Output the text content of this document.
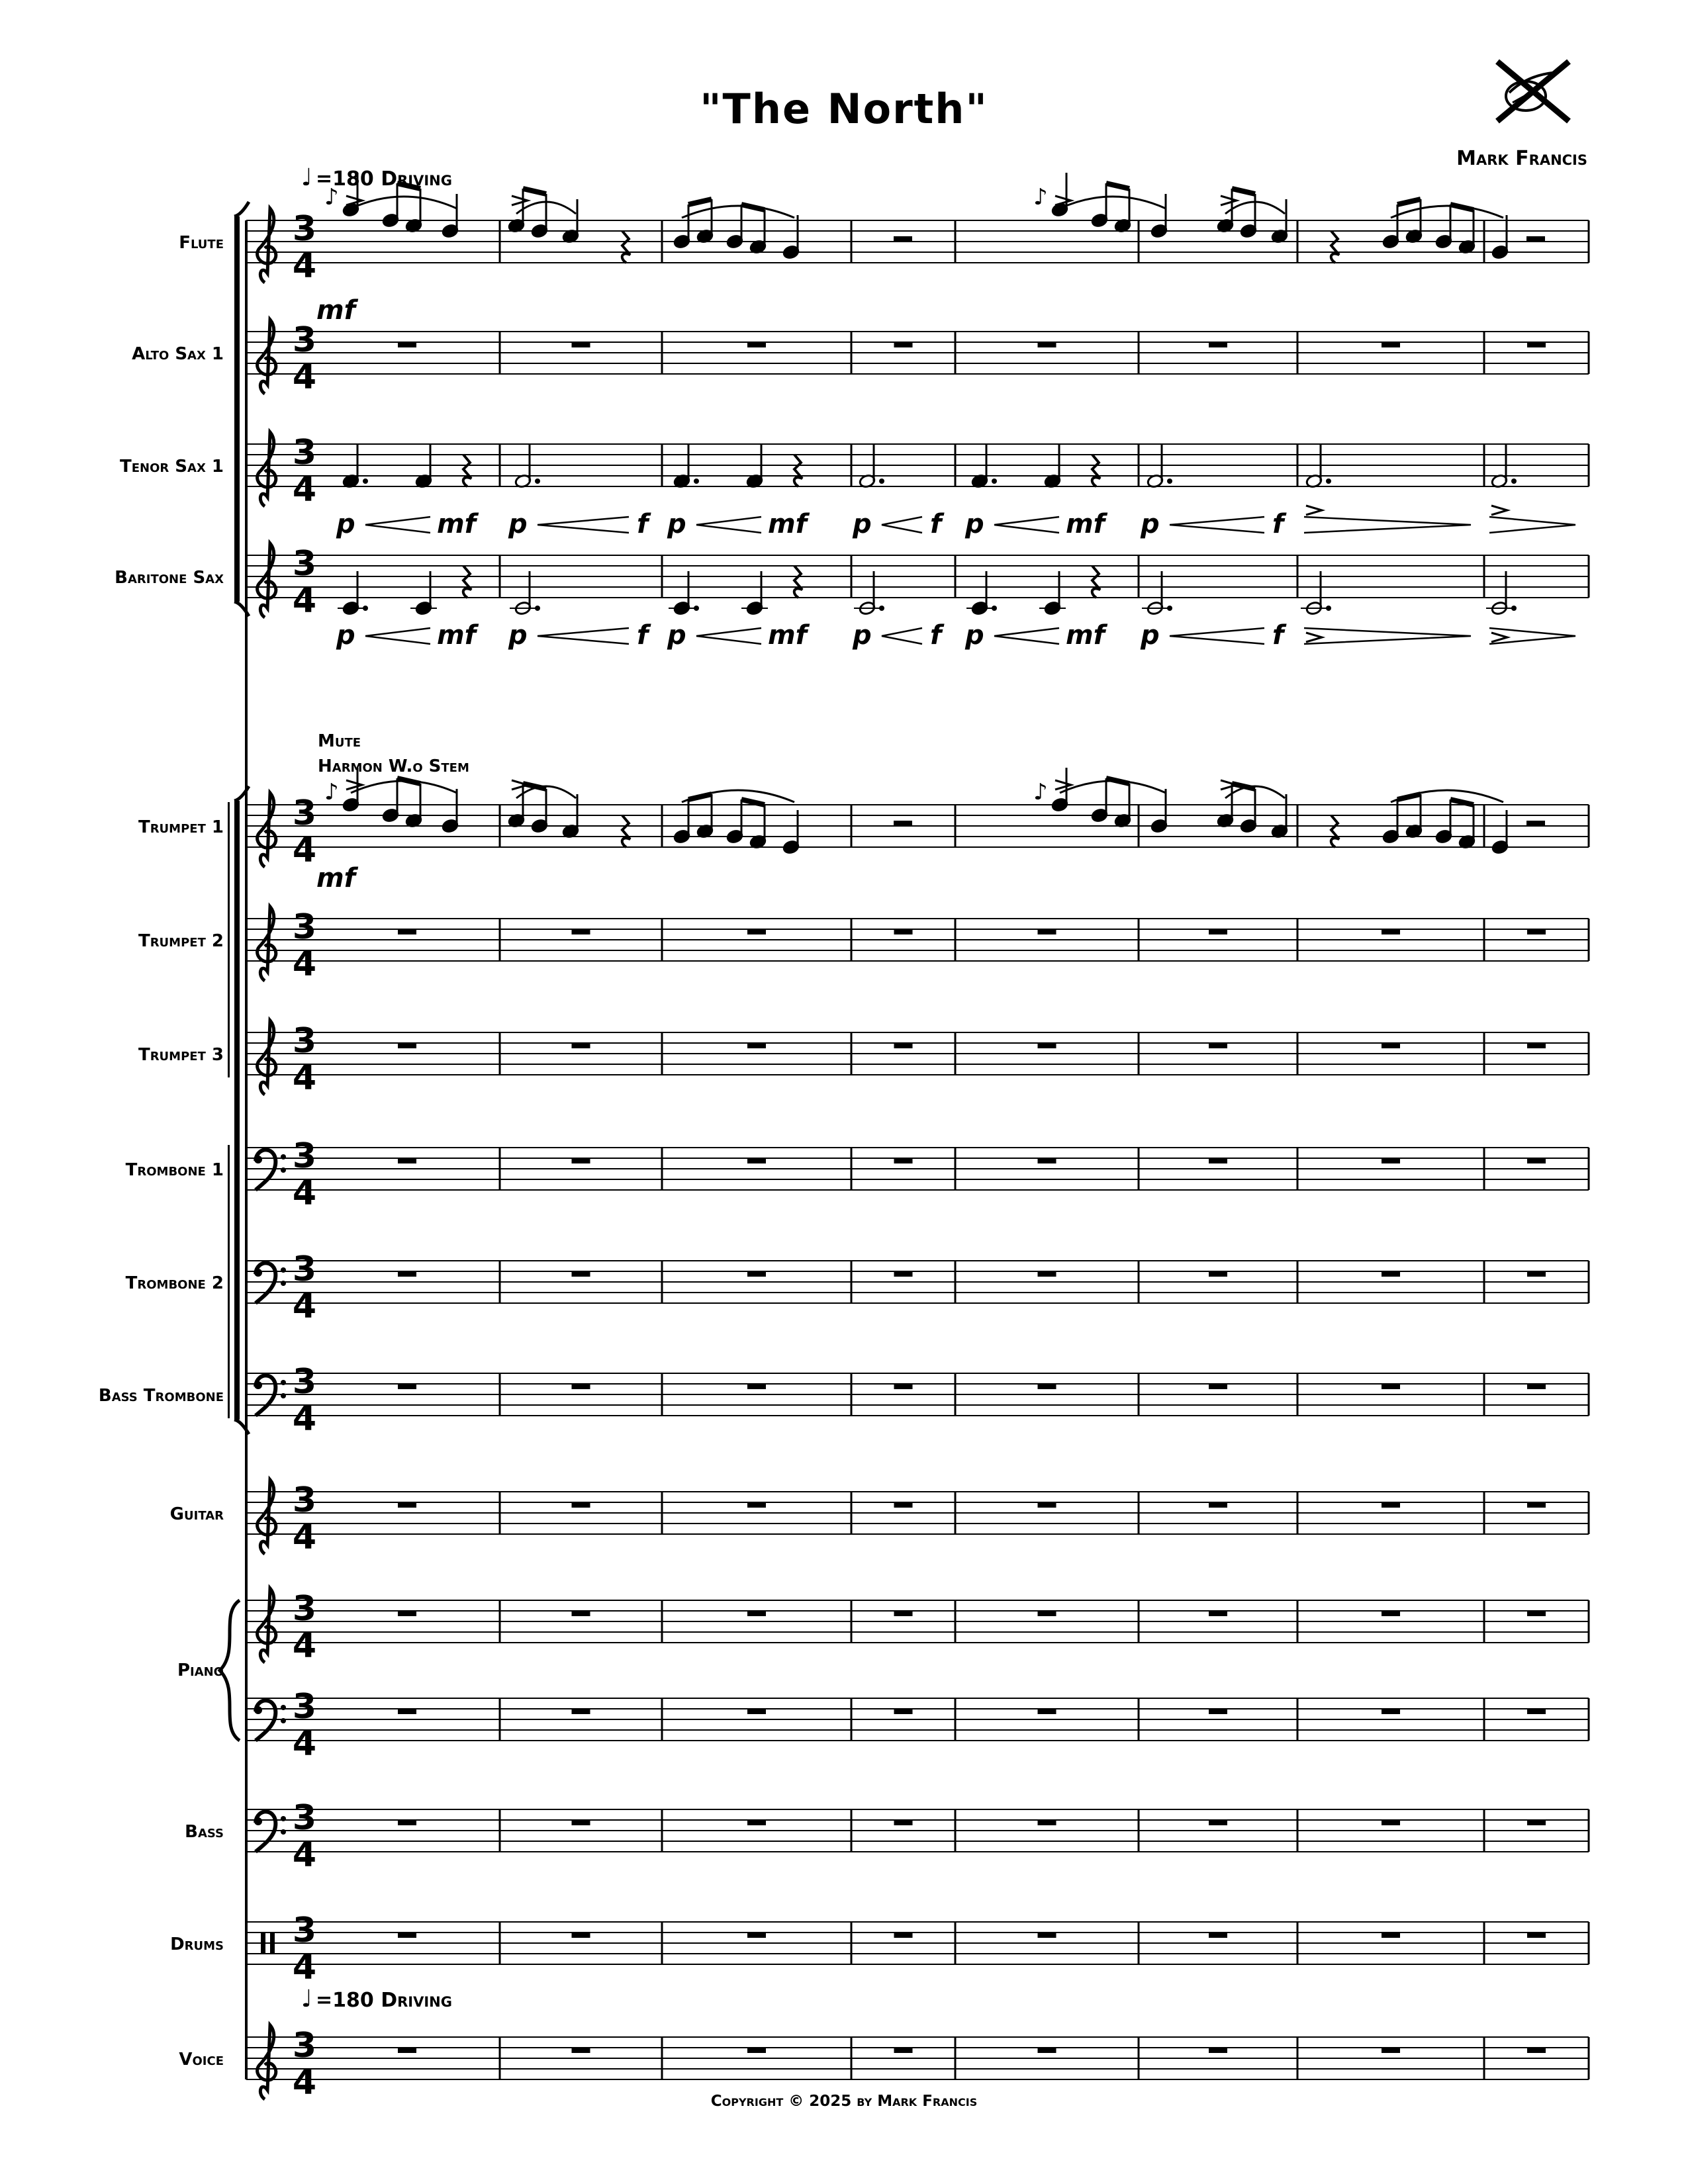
"The North"
Mark Francis
3
4
Flute
3
4
Alto Sax 1
3
4
Tenor Sax 1
3
4
Baritone Sax
3
4
Trumpet 1
3
4
Trumpet 2
3
4
Trumpet 3
3
4
Trombone 1
3
4
Trombone 2
3
4
Bass Trombone
3
4
Guitar
3
4
Piano
3
4
3
4
Bass
3
4
Drums
3
4
Voice
♪	♪
mf
♪	♪
mf
p	mf p	f p	mf p f p	mf p	f
p	mf p	f p	mf p f p	mf p	f
♩ =180 Driving
♩ =180 Driving
Mute
Harmon W.o Stem
Copyright © 2025 by Mark Francis
